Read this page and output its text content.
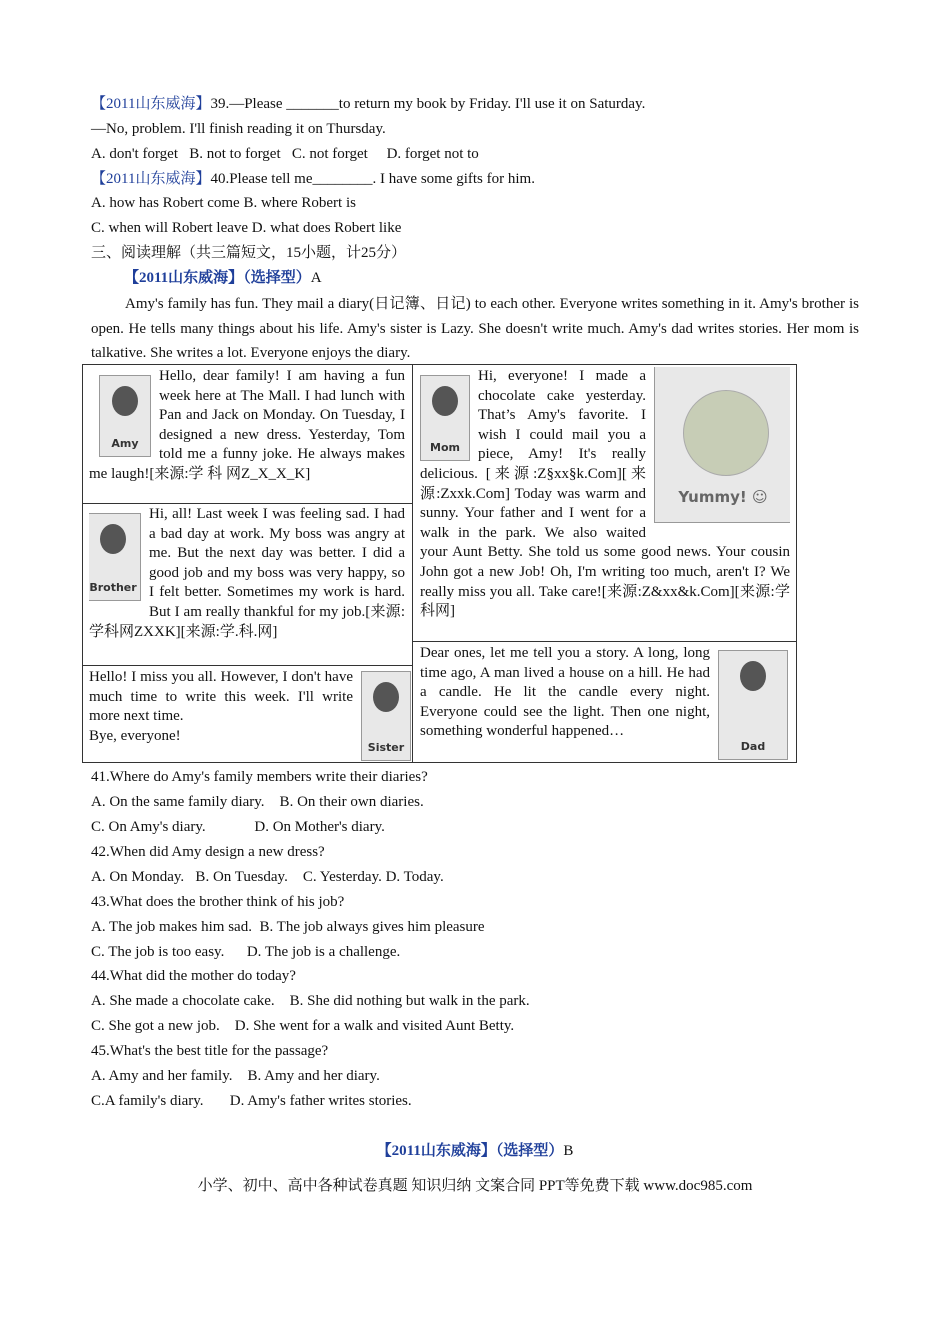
【2011山东威海】39.—Please _______to return my book by Friday. I'll use it on Saturday.
—No, problem. I'll finish reading it on Thursday.
A. don't forget   B. not to forget   C. not forget     D. forget not to
【2011山东威海】40.Please tell me________. I have some gifts for him.
A. how has Robert come B. where Robert is
C. when will Robert leave D. what does Robert like
三、阅读理解（共三篇短文，15小题，计25分）
【2011山东威海】（选择型）A
Amy's family has fun. They mail a diary(日记簿、日记) to each other. Everyone writes something in it. Amy's brother is open. He tells many things about his life. Amy's sister is Lazy. She doesn't write much. Amy's dad writes stories. Her mom is talkative. She writes a lot. Everyone enjoys the diary.
Amy
Hello, dear family! I am having a fun week here at The Mall. I had lunch with Pan and Jack on Monday. On Tuesday, I designed a new dress. Yesterday, Tom told me a funny joke. He always makes me laugh![来源:学 科 网Z_X_X_K]
Yummy! ☺
Mom
Hi, everyone! I made a chocolate cake yesterday. That’s Amy's favorite. I wish I could mail you a piece, Amy! It's really delicious. [来源:Z§xx§k.Com][来源:Zxxk.Com] Today was warm and sunny. Your father and I went for a walk in the park. We also waited your Aunt Betty. She told us some good news. Your cousin John got a new Job! Oh, I'm writing too much, aren't I? We really miss you all. Take care![来源:Z&xx&k.Com][来源:学科网]
Brother
Hi, all! Last week I was feeling sad. I had a bad day at work. My boss was angry at me. But the next day was better. I did a good job and my boss was very happy, so I felt better. Sometimes my work is hard. But I am really thankful for my job.[来源:学科网ZXXK][来源:学.科.网]
Sister
Hello! I miss you all. However, I don't have much time to write this week. I'll write more next time.
Bye, everyone!
Dad
Dear ones, let me tell you a story. A long, long time ago, A man lived a house on a hill. He had a candle. He lit the candle every night. Everyone could see the light. Then one night, something wonderful happened…
41.Where do Amy's family members write their diaries?
A. On the same family diary.    B. On their own diaries.
C. On Amy's diary.             D. On Mother's diary.
42.When did Amy design a new dress?
A. On Monday.   B. On Tuesday.    C. Yesterday. D. Today.
43.What does the brother think of his job?
A. The job makes him sad.  B. The job always gives him pleasure
C. The job is too easy.      D. The job is a challenge.
44.What did the mother do today?
A. She made a chocolate cake.    B. She did nothing but walk in the park.
C. She got a new job.    D. She went for a walk and visited Aunt Betty.
45.What's the best title for the passage?
A. Amy and her family.    B. Amy and her diary.
C.A family's diary.       D. Amy's father writes stories.
【2011山东威海】（选择型）B
小学、初中、高中各种试卷真题 知识归纳 文案合同 PPT等免费下载 www.doc985.com
